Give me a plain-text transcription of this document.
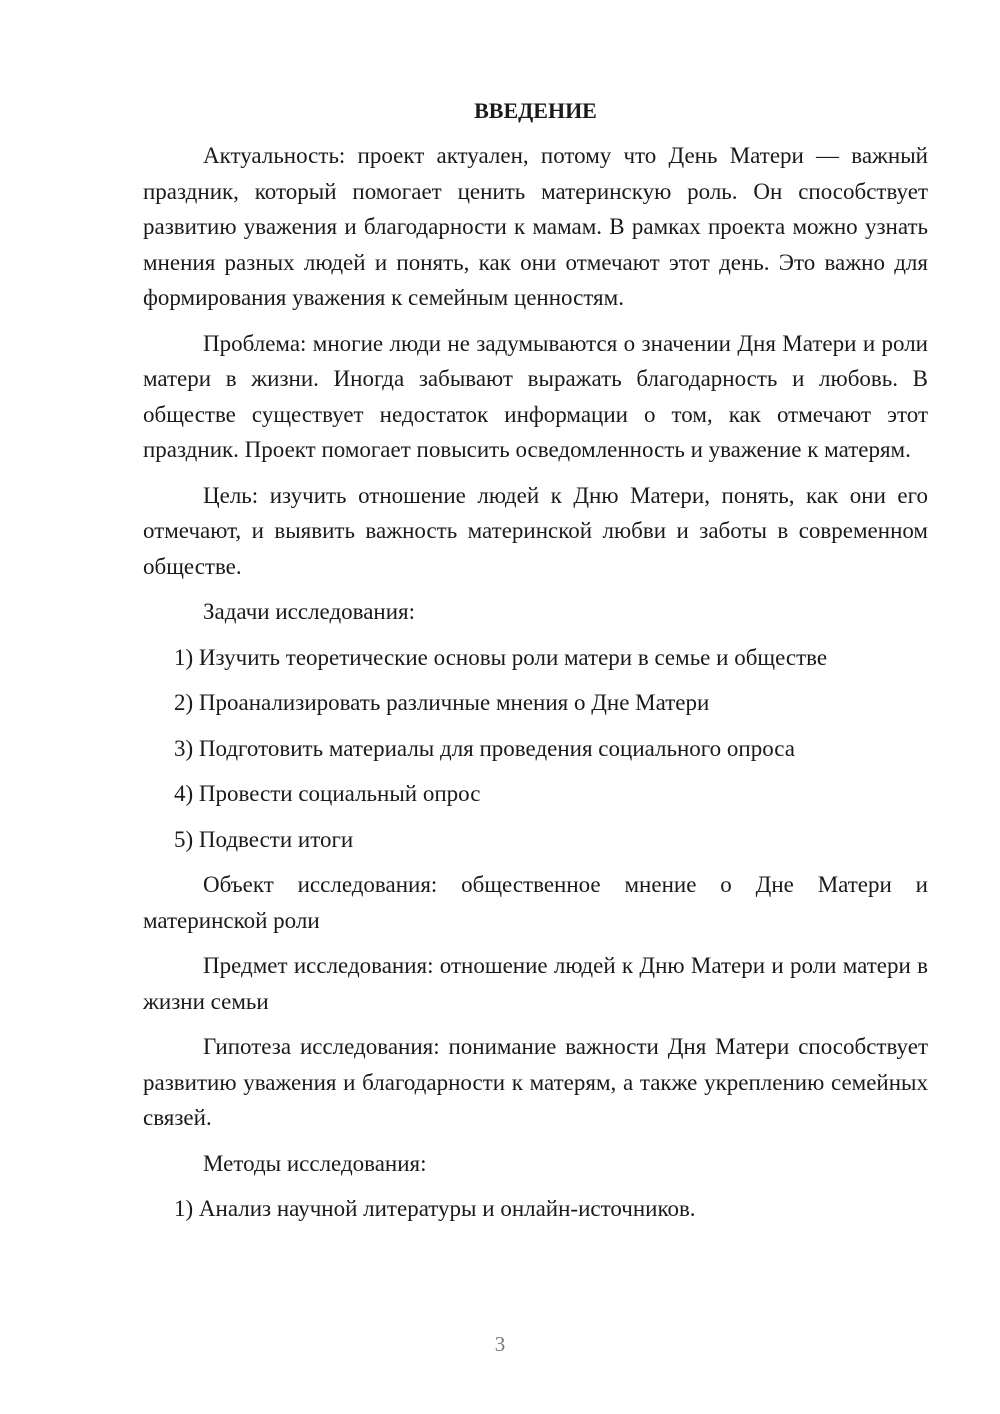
ВВЕДЕНИЕ

Актуальность: проект актуален, потому что День Матери — важный праздник, который помогает ценить материнскую роль. Он способствует развитию уважения и благодарности к мамам. В рамках проекта можно узнать мнения разных людей и понять, как они отмечают этот день. Это важно для формирования уважения к семейным ценностям.

Проблема: многие люди не задумываются о значении Дня Матери и роли матери в жизни. Иногда забывают выражать благодарность и любовь. В обществе существует недостаток информации о том, как отмечают этот праздник. Проект помогает повысить осведомленность и уважение к матерям.

Цель: изучить отношение людей к Дню Матери, понять, как они его отмечают, и выявить важность материнской любви и заботы в современном обществе.

Задачи исследования:

1) Изучить теоретические основы роли матери в семье и обществе
2) Проанализировать различные мнения о Дне Матери
3) Подготовить материалы для проведения социального опроса
4) Провести социальный опрос
5) Подвести итоги

Объект исследования: общественное мнение о Дне Матери и материнской роли

Предмет исследования: отношение людей к Дню Матери и роли матери в жизни семьи

Гипотеза исследования: понимание важности Дня Матери способствует развитию уважения и благодарности к матерям, а также укреплению семейных связей.

Методы исследования:

1) Анализ научной литературы и онлайн-источников.
3
